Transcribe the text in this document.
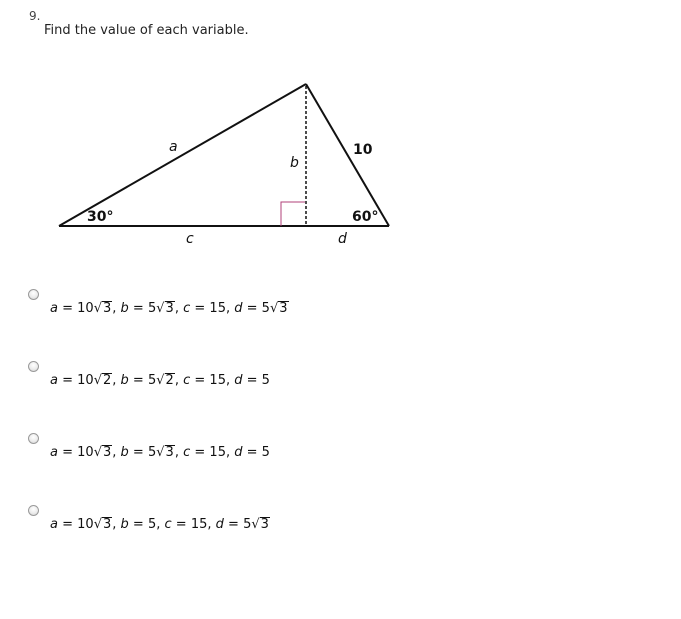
9.
Find the value of each variable.
a
b
c	d
10
30°	60°
a = 10√3, b = 5√3, c = 15, d = 5√3
a = 10√2, b = 5√2, c = 15, d = 5
a = 10√3, b = 5√3, c = 15, d = 5
a = 10√3, b = 5, c = 15, d = 5√3
